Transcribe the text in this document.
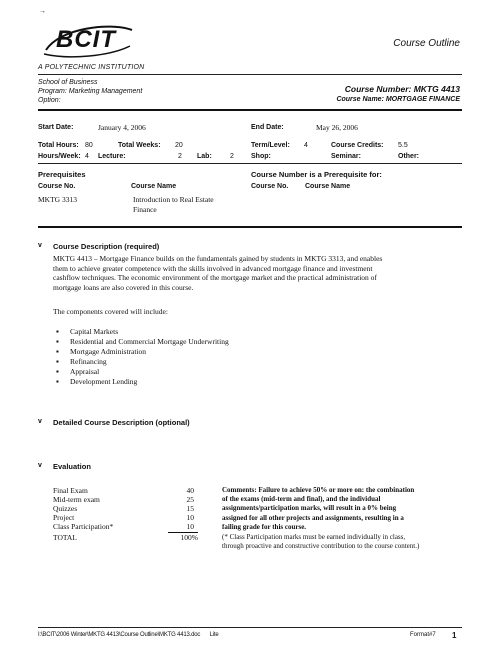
→
BCIT	Course Outline
A POLYTECHNIC INSTITUTION
School of Business
Program: Marketing Management
Option:
Course Number: MKTG 4413
Course Name: MORTGAGE FINANCE
Start Date:	January 4, 2006	End Date:	May 26, 2006
Total Hours: 80	Total Weeks: 20	Term/Level: 4	Course Credits: 5.5
Hours/Week: 4 Lecture:	2 Lab:	2 Shop:	Seminar:	Other:
Prerequisites	Course Number is a Prerequisite for:
Course No.	Course Name	Course No. Course Name
MKTG 3313	Introduction to Real Estate
Finance
v Course Description (required)
MKTG 4413 – Mortgage Finance builds on the fundamentals gained by students in MKTG 3313, and enables
them to achieve greater competence with the skills involved in advanced mortgage finance and investment
cashflow techniques. The economic environment of the mortgage market and the practical administration of
mortgage loans are also covered in this course.
The components covered will include:
▪ Capital Markets
▪ Residential and Commercial Mortgage Underwriting
▪ Mortgage Administration
▪ Refinancing
▪ Appraisal
▪ Development Lending
v Detailed Course Description (optional)
v Evaluation
Final Exam	40
Mid-term exam	25
Quizzes	15
Project	10
Class Participation*	10
TOTAL	100%
Comments: Failure to achieve 50% or more on: the combination
of the exams (mid-term and final), and the individual
assignments/participation marks, will result in a 0% being
assigned for all other projects and assignments, resulting in a
failing grade for this course.
(* Class Participation marks must be earned individually in class,
through proactive and constructive contribution to the course content.)
I:\BCIT\2006 Winter\MKTG 4413\Course Outline\MKTG 4413.doc Lite	Format#7 1
